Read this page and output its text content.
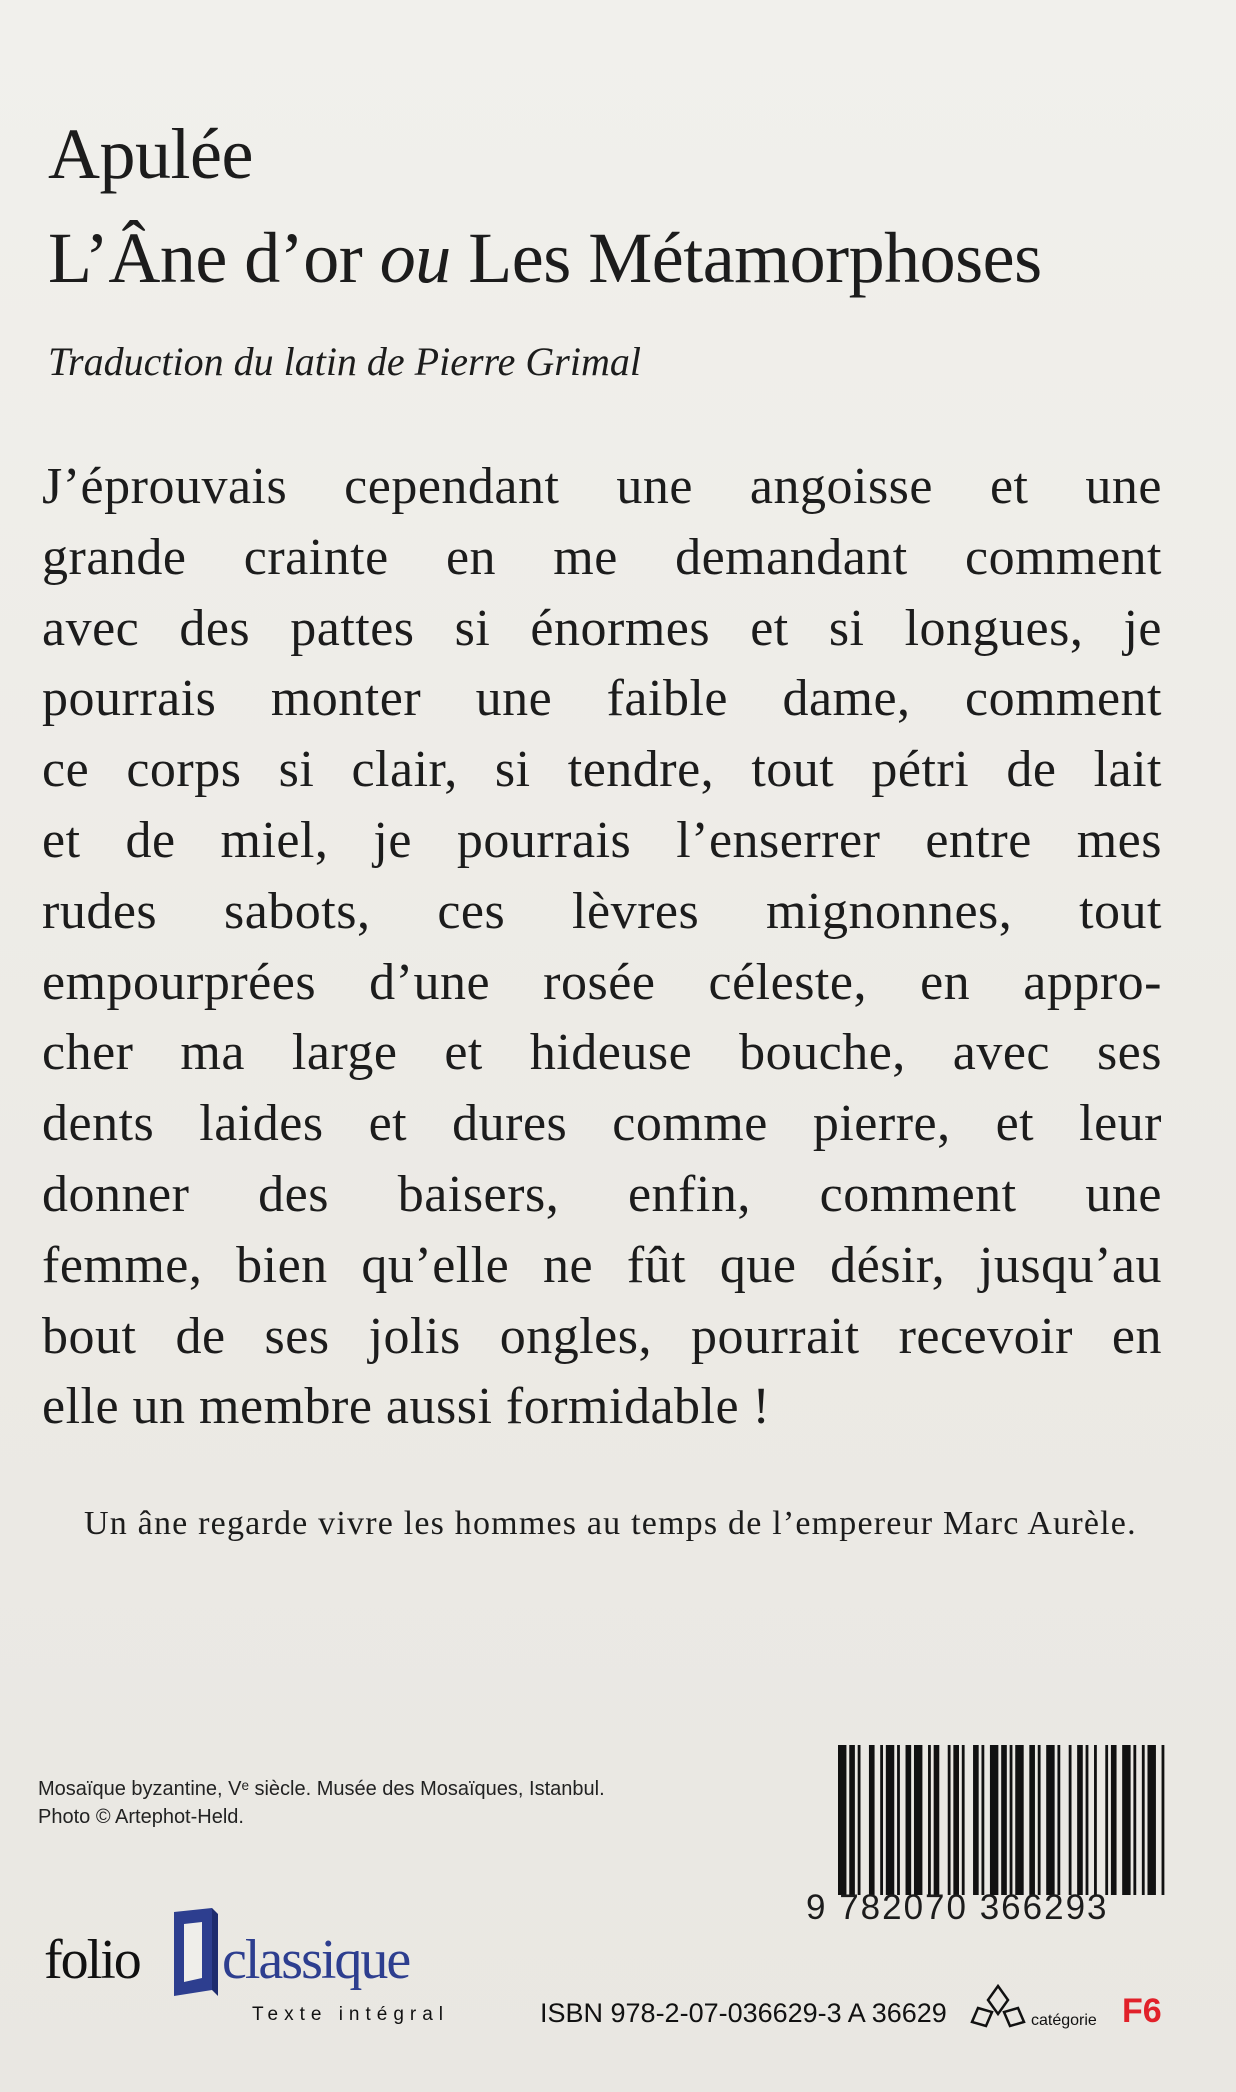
Apulée
L’Âne d’or ou Les Métamorphoses
Traduction du latin de Pierre Grimal
J’éprouvais cependant une angoisse et une
grande crainte en me demandant comment
avec des pattes si énormes et si longues, je
pourrais monter une faible dame, comment
ce corps si clair, si tendre, tout pétri de lait
et de miel, je pourrais l’enserrer entre mes
rudes sabots, ces lèvres mignonnes, tout
empourprées d’une rosée céleste, en appro-
cher ma large et hideuse bouche, avec ses
dents laides et dures comme pierre, et leur
donner des baisers, enfin, comment une
femme, bien qu’elle ne fût que désir, jusqu’au
bout de ses jolis ongles, pourrait recevoir en
elle un membre aussi formidable !
Un âne regarde vivre les hommes au temps de l’empereur Marc Aurèle.
Mosaïque byzantine, Vᵉ siècle. Musée des Mosaïques, Istanbul.
Photo © Artephot-Held.
9 782070 366293
folio classique
Texte intégral	ISBN 978-2-07-036629-3 A 36629	catégorie F6
